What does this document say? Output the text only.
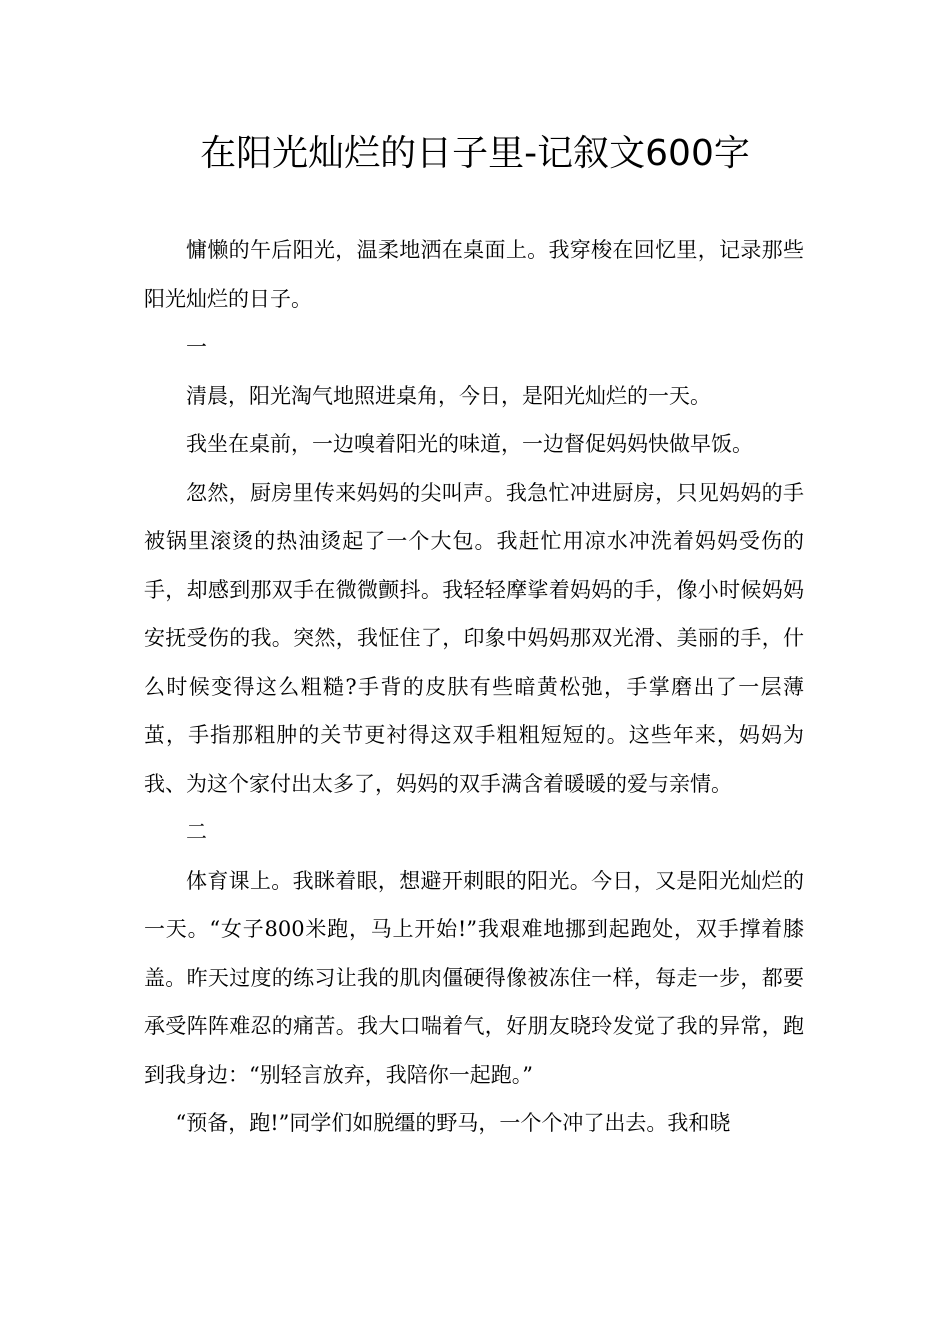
在阳光灿烂的日子里-记叙文600字

慵懒的午后阳光，温柔地洒在桌面上。我穿梭在回忆里，记录那些阳光灿烂的日子。

一

清晨，阳光淘气地照进桌角，今日，是阳光灿烂的一天。

我坐在桌前，一边嗅着阳光的味道，一边督促妈妈快做早饭。

忽然，厨房里传来妈妈的尖叫声。我急忙冲进厨房，只见妈妈的手被锅里滚烫的热油烫起了一个大包。我赶忙用凉水冲洗着妈妈受伤的手，却感到那双手在微微颤抖。我轻轻摩挲着妈妈的手，像小时候妈妈安抚受伤的我。突然，我怔住了，印象中妈妈那双光滑、美丽的手，什么时候变得这么粗糙?手背的皮肤有些暗黄松弛，手掌磨出了一层薄茧，手指那粗肿的关节更衬得这双手粗粗短短的。这些年来，妈妈为我、为这个家付出太多了，妈妈的双手满含着暖暖的爱与亲情。

二

体育课上。我眯着眼，想避开刺眼的阳光。今日，又是阳光灿烂的一天。“女子800米跑，马上开始!”我艰难地挪到起跑处，双手撑着膝盖。昨天过度的练习让我的肌肉僵硬得像被冻住一样，每走一步，都要承受阵阵难忍的痛苦。我大口喘着气，好朋友晓玲发觉了我的异常，跑到我身边：“别轻言放弃，我陪你一起跑。”

“预备，跑!”同学们如脱缰的野马，一个个冲了出去。我和晓
